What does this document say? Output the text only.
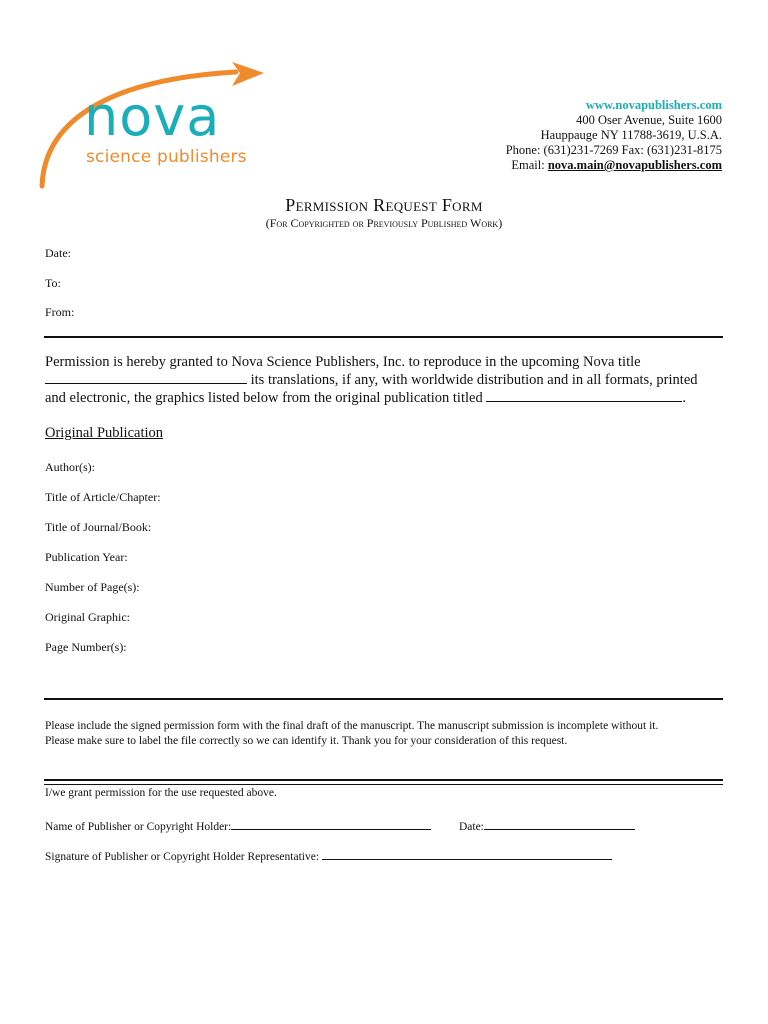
nova
science publishers
www.novapublishers.com
400 Oser Avenue, Suite 1600
Hauppauge NY 11788-3619, U.S.A.
Phone: (631)231-7269 Fax: (631)231-8175
Email: nova.main@novapublishers.com
Permission Request Form
(For Copyrighted or Previously Published Work)
Date:
To:
From:
Permission is hereby granted to Nova Science Publishers, Inc. to reproduce in the upcoming Nova title
its translations, if any, with worldwide distribution and in all formats, printed
and electronic, the graphics listed below from the original publication titled	.
Original Publication
Author(s):
Title of Article/Chapter:
Title of Journal/Book:
Publication Year:
Number of Page(s):
Original Graphic:
Page Number(s):
Please include the signed permission form with the final draft of the manuscript. The manuscript submission is incomplete without it.
Please make sure to label the file correctly so we can identify it. Thank you for your consideration of this request.
I/we grant permission for the use requested above.
Name of Publisher or Copyright Holder:	Date:
Signature of Publisher or Copyright Holder Representative:
